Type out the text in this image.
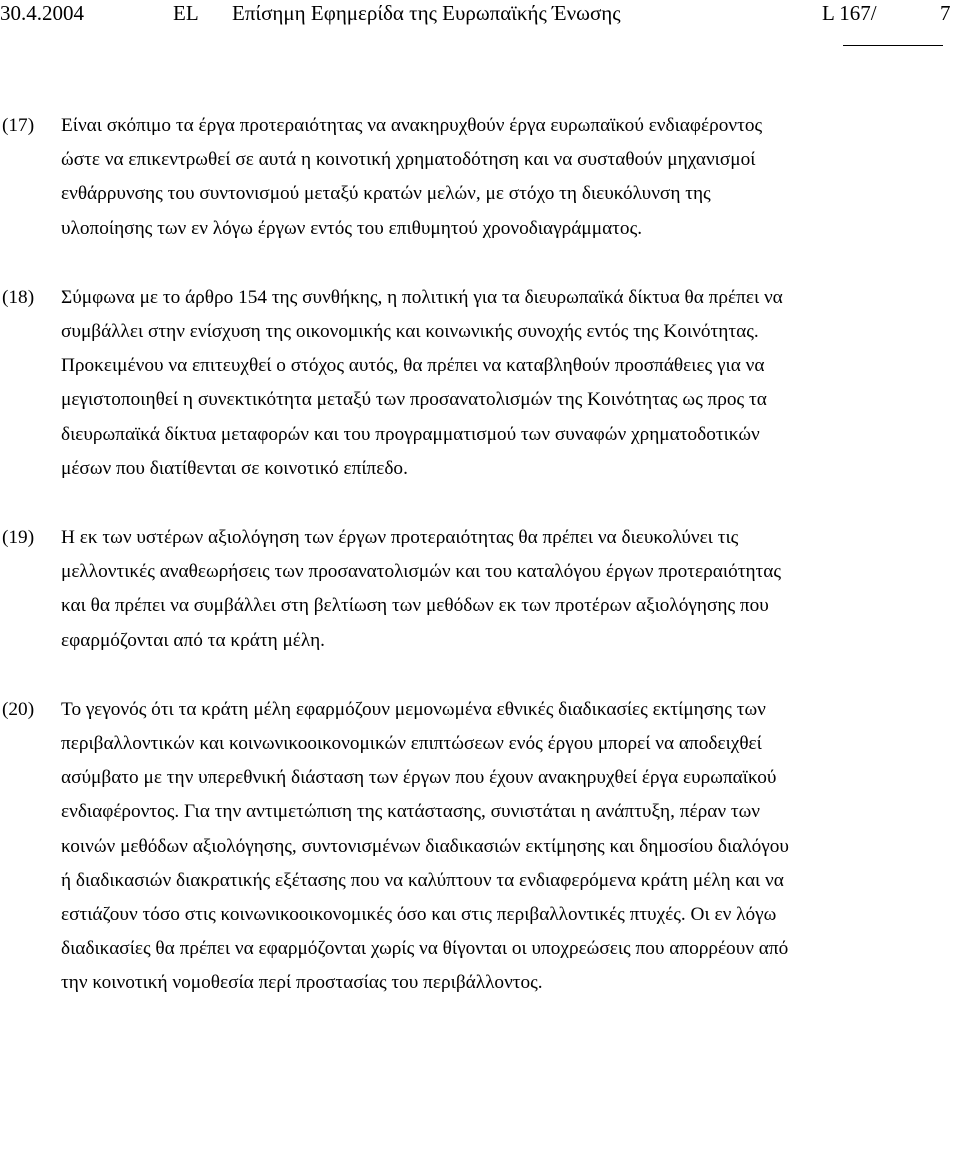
30.4.2004	EL Επίσημη Εφημερίδα της Ευρωπαϊκής Ένωσης	L 167/	7
(17) Είναι σκόπιμο τα έργα προτεραιότητας να ανακηρυχθούν έργα ευρωπαϊκού ενδιαφέροντος
ώστε να επικεντρωθεί σε αυτά η κοινοτική χρηματοδότηση και να συσταθούν μηχανισμοί
ενθάρρυνσης του συντονισμού μεταξύ κρατών μελών, με στόχο τη διευκόλυνση της
υλοποίησης των εν λόγω έργων εντός του επιθυμητού χρονοδιαγράμματος.
(18) Σύμφωνα με το άρθρο 154 της συνθήκης, η πολιτική για τα διευρωπαϊκά δίκτυα θα πρέπει να
συμβάλλει στην ενίσχυση της οικονομικής και κοινωνικής συνοχής εντός της Κοινότητας.
Προκειμένου να επιτευχθεί ο στόχος αυτός, θα πρέπει να καταβληθούν προσπάθειες για να
μεγιστοποιηθεί η συνεκτικότητα μεταξύ των προσανατολισμών της Κοινότητας ως προς τα
διευρωπαϊκά δίκτυα μεταφορών και του προγραμματισμού των συναφών χρηματοδοτικών
μέσων που διατίθενται σε κοινοτικό επίπεδο.
(19) Η εκ των υστέρων αξιολόγηση των έργων προτεραιότητας θα πρέπει να διευκολύνει τις
μελλοντικές αναθεωρήσεις των προσανατολισμών και του καταλόγου έργων προτεραιότητας
και θα πρέπει να συμβάλλει στη βελτίωση των μεθόδων εκ των προτέρων αξιολόγησης που
εφαρμόζονται από τα κράτη μέλη.
(20) Το γεγονός ότι τα κράτη μέλη εφαρμόζουν μεμονωμένα εθνικές διαδικασίες εκτίμησης των
περιβαλλοντικών και κοινωνικοοικονομικών επιπτώσεων ενός έργου μπορεί να αποδειχθεί
ασύμβατο με την υπερεθνική διάσταση των έργων που έχουν ανακηρυχθεί έργα ευρωπαϊκού
ενδιαφέροντος. Για την αντιμετώπιση της κατάστασης, συνιστάται η ανάπτυξη, πέραν των
κοινών μεθόδων αξιολόγησης, συντονισμένων διαδικασιών εκτίμησης και δημοσίου διαλόγου
ή διαδικασιών διακρατικής εξέτασης που να καλύπτουν τα ενδιαφερόμενα κράτη μέλη και να
εστιάζουν τόσο στις κοινωνικοοικονομικές όσο και στις περιβαλλοντικές πτυχές. Οι εν λόγω
διαδικασίες θα πρέπει να εφαρμόζονται χωρίς να θίγονται οι υποχρεώσεις που απορρέουν από
την κοινοτική νομοθεσία περί προστασίας του περιβάλλοντος.
